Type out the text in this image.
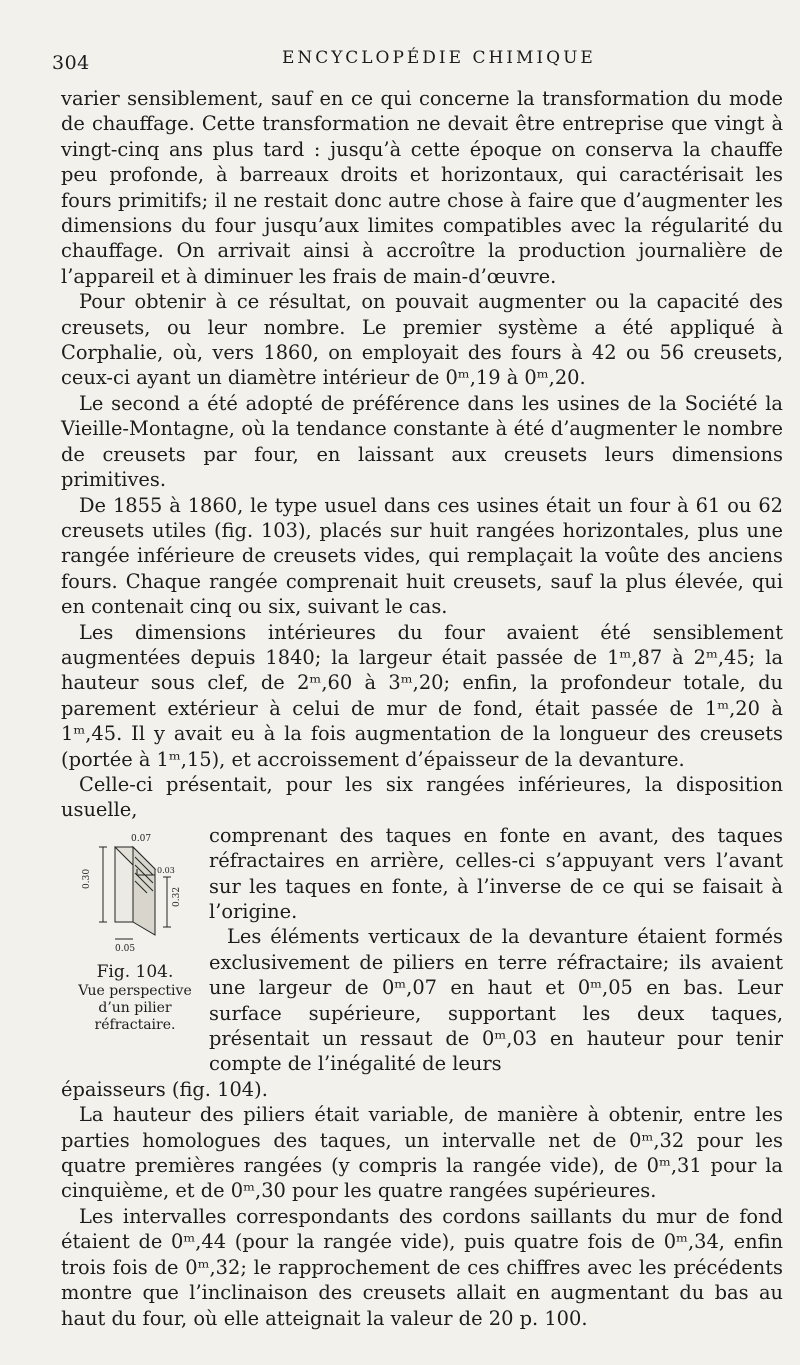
304	ENCYCLOPÉDIE CHIMIQUE

varier sensiblement, sauf en ce qui concerne la transformation du mode de chauffage. Cette transformation ne devait être entreprise que vingt à vingt-cinq ans plus tard : jusqu’à cette époque on conserva la chauffe peu profonde, à barreaux droits et horizontaux, qui caractérisait les fours primitifs; il ne restait donc autre chose à faire que d’augmenter les dimensions du four jusqu’aux limites compatibles avec la régularité du chauffage. On arrivait ainsi à accroître la production journalière de l’appareil et à diminuer les frais de main-d’œuvre.

Pour obtenir à ce résultat, on pouvait augmenter ou la capacité des creusets, ou leur nombre. Le premier système a été appliqué à Corphalie, où, vers 1860, on employait des fours à 42 ou 56 creusets, ceux-ci ayant un diamètre intérieur de 0ᵐ,19 à 0ᵐ,20.

Le second a été adopté de préférence dans les usines de la Société la Vieille-Montagne, où la tendance constante à été d’augmenter le nombre de creusets par four, en laissant aux creusets leurs dimensions primitives.

De 1855 à 1860, le type usuel dans ces usines était un four à 61 ou 62 creusets utiles (fig. 103), placés sur huit rangées horizontales, plus une rangée inférieure de creusets vides, qui remplaçait la voûte des anciens fours. Chaque rangée comprenait huit creusets, sauf la plus élevée, qui en contenait cinq ou six, suivant le cas.

Les dimensions intérieures du four avaient été sensiblement augmentées depuis 1840; la largeur était passée de 1ᵐ,87 à 2ᵐ,45; la hauteur sous clef, de 2ᵐ,60 à 3ᵐ,20; enfin, la profondeur totale, du parement extérieur à celui de mur de fond, était passée de 1ᵐ,20 à 1ᵐ,45. Il y avait eu à la fois augmentation de la longueur des creusets (portée à 1ᵐ,15), et accroissement d’épaisseur de la devanture.

Celle-ci présentait, pour les six rangées inférieures, la disposition usuelle,

0.07
0.30	0.03
0.32
0.05
Fig. 104.
Vue perspective d’un pilier réfractaire.

comprenant des taques en fonte en avant, des taques réfractaires en arrière, celles-ci s’appuyant vers l’avant sur les taques en fonte, à l’inverse de ce qui se faisait à l’origine.

Les éléments verticaux de la devanture étaient formés exclusivement de piliers en terre réfractaire; ils avaient une largeur de 0ᵐ,07 en haut et 0ᵐ,05 en bas. Leur surface supérieure, supportant les deux taques, présentait un ressaut de 0ᵐ,03 en hauteur pour tenir compte de l’inégalité de leurs

épaisseurs (fig. 104).

La hauteur des piliers était variable, de manière à obtenir, entre les parties homologues des taques, un intervalle net de 0ᵐ,32 pour les quatre premières rangées (y compris la rangée vide), de 0ᵐ,31 pour la cinquième, et de 0ᵐ,30 pour les quatre rangées supérieures.

Les intervalles correspondants des cordons saillants du mur de fond étaient de 0ᵐ,44 (pour la rangée vide), puis quatre fois de 0ᵐ,34, enfin trois fois de 0ᵐ,32; le rapprochement de ces chiffres avec les précédents montre que l’inclinaison des creusets allait en augmentant du bas au haut du four, où elle atteignait la valeur de 20 p. 100.
